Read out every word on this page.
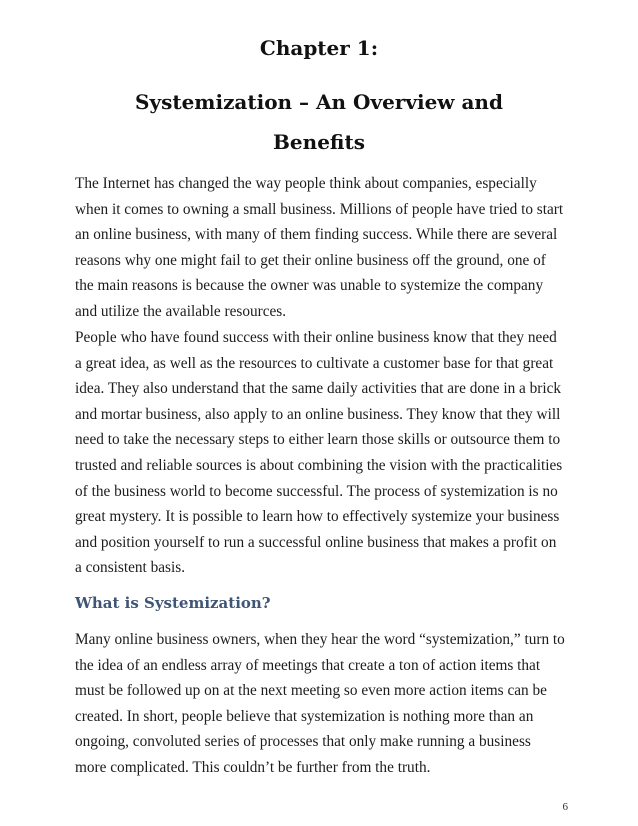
Chapter 1:
Systemization – An Overview and Benefits

The Internet has changed the way people think about companies, especially when it comes to owning a small business. Millions of people have tried to start an online business, with many of them finding success. While there are several reasons why one might fail to get their online business off the ground, one of the main reasons is because the owner was unable to systemize the company and utilize the available resources.

People who have found success with their online business know that they need a great idea, as well as the resources to cultivate a customer base for that great idea. They also understand that the same daily activities that are done in a brick and mortar business, also apply to an online business. They know that they will need to take the necessary steps to either learn those skills or outsource them to trusted and reliable sources is about combining the vision with the practicalities of the business world to become successful. The process of systemization is no great mystery. It is possible to learn how to effectively systemize your business and position yourself to run a successful online business that makes a profit on a consistent basis.

What is Systemization?

Many online business owners, when they hear the word “systemization,” turn to the idea of an endless array of meetings that create a ton of action items that must be followed up on at the next meeting so even more action items can be created. In short, people believe that systemization is nothing more than an ongoing, convoluted series of processes that only make running a business more complicated. This couldn’t be further from the truth.

6
